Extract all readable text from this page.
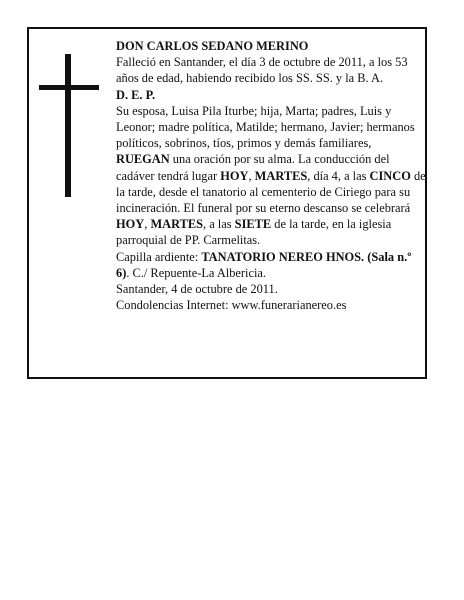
DON CARLOS SEDANO MERINO

Falleció en Santander, el día 3 de octubre de 2011, a los 53 años de edad, habiendo recibido los SS. SS. y la B. A.

D. E. P.

Su esposa, Luisa Pila Iturbe; hija, Marta; padres, Luis y Leonor; madre política, Matilde; hermano, Javier; hermanos políticos, sobrinos, tíos, primos y demás familiares,

RUEGAN una oración por su alma. La conducción del cadáver tendrá lugar HOY, MARTES, día 4, a las CINCO de la tarde, desde el tanatorio al cementerio de Ciriego para su incineración. El funeral por su eterno descanso se celebrará HOY, MARTES, a las SIETE de la tarde, en la iglesia parroquial de PP. Carmelitas.

Capilla ardiente: TANATORIO NEREO HNOS. (Sala n.º 6). C./ Repuente-La Albericia.

Santander, 4 de octubre de 2011.

Condolencias Internet: www.funerarianereo.es
